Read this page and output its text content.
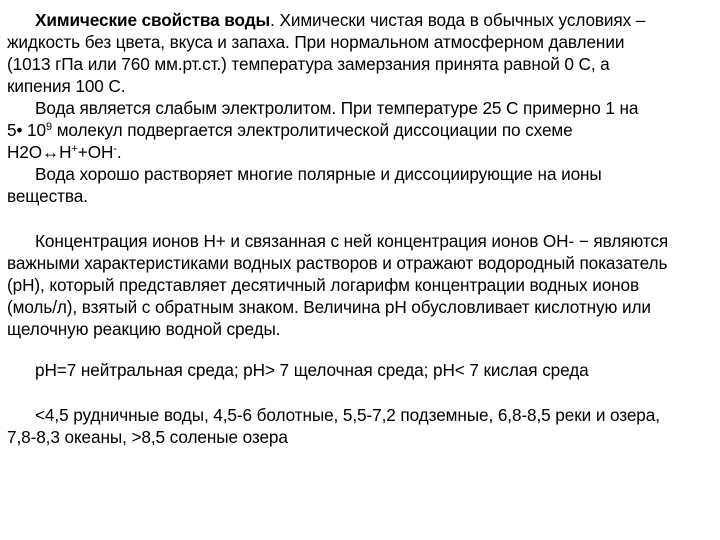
Химические свойства воды. Химически чистая вода в обычных условиях –
жидкость без цвета, вкуса и запаха. При нормальном атмосферном давлении
(1013 гПа или 760 мм.рт.ст.) температура замерзания принята равной 0 С, а
кипения 100 С.
Вода является слабым электролитом. При температуре 25 С примерно 1 на
5• $10^9$ молекул подвергается электролитической диссоциации по схеме
H2O↔H++OH-.
Вода хорошо растворяет многие полярные и диссоциирующие на ионы
вещества.
Концентрация ионов H+ и связанная с ней концентрация ионов OH- − являются
важными характеристиками водных растворов и отражают водородный показатель
(pH), который представляет десятичный логарифм концентрации водных ионов
(моль/л), взятый с обратным знаком. Величина pH обусловливает кислотную или
щелочную реакцию водной среды.
pH=7 нейтральная среда; pH> 7 щелочная среда; pH< 7 кислая среда
<4,5 рудничные воды, 4,5-6 болотные, 5,5-7,2 подземные, 6,8-8,5 реки и озера,
7,8-8,3 океаны, >8,5 соленые озера
